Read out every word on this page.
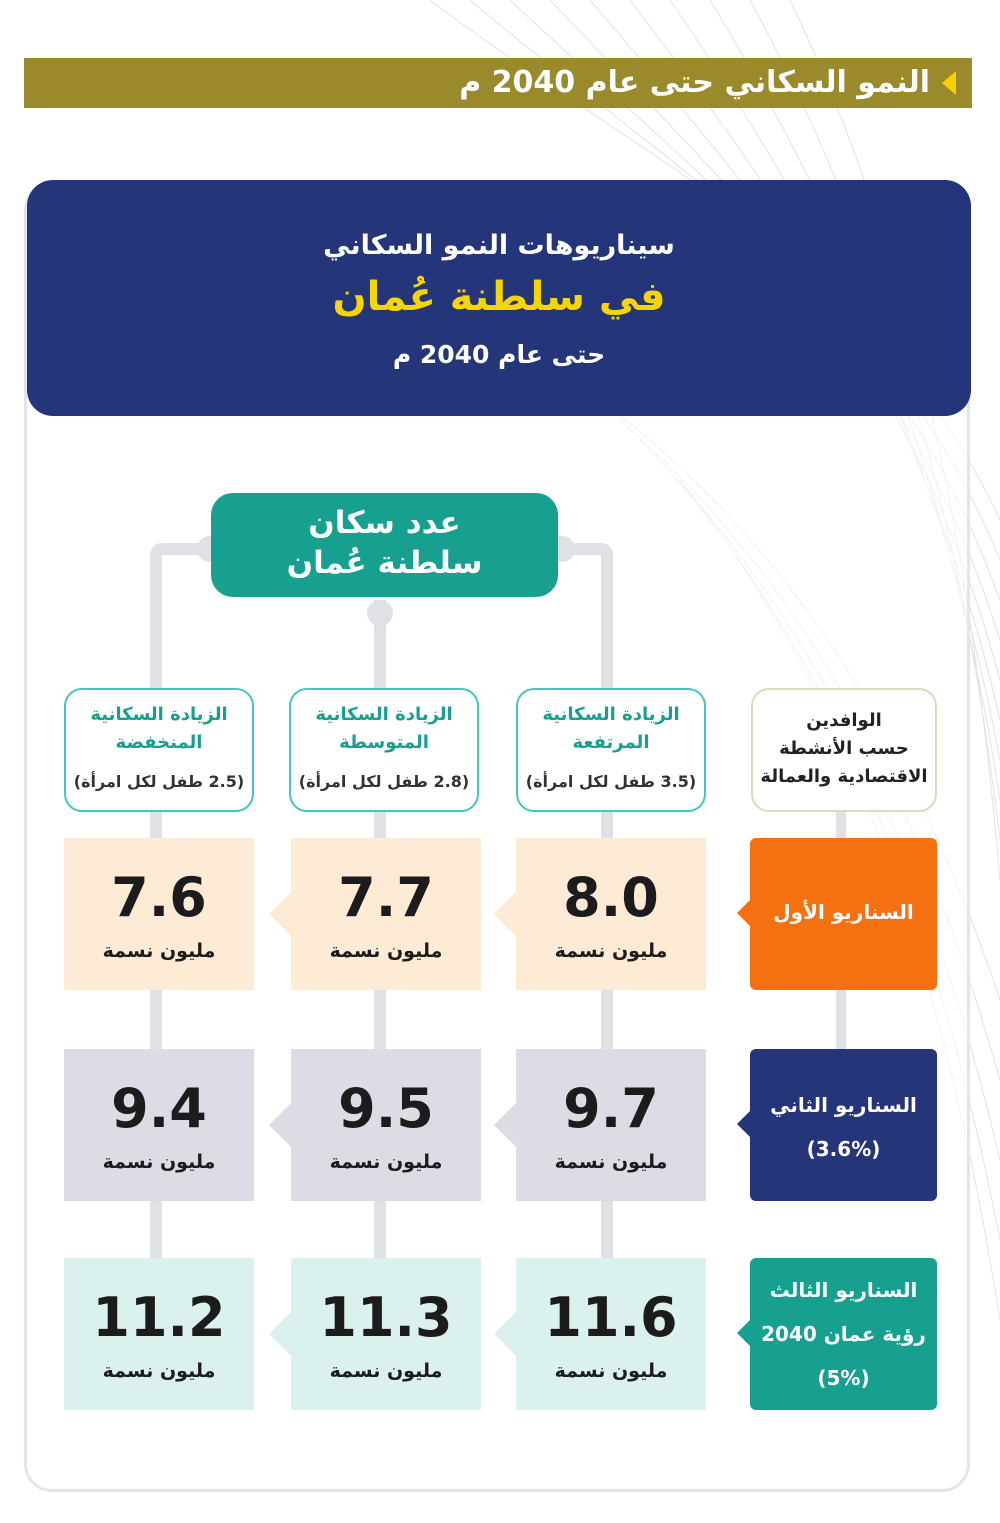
النمو السكاني حتى عام 2040 م
سيناريوهات النمو السكاني
في سلطنة عُمان
حتى عام 2040 م
عدد سكان
سلطنة عُمان
الوافدين
حسب الأنشطة
الاقتصادية والعمالة
الزيادة السكانية
المرتفعة
(3.5 طفل لكل امرأة)
الزيادة السكانية
المتوسطة
(2.8 طفل لكل امرأة)
الزيادة السكانية
المنخفضة
(2.5 طفل لكل امرأة)
السناريو الأول
8.0
مليون نسمة
7.7
مليون نسمة
7.6
مليون نسمة
السناريو الثاني
(3.6%)
9.7
مليون نسمة
9.5
مليون نسمة
9.4
مليون نسمة
السناريو الثالث
رؤية عمان 2040
(5%)
11.6
مليون نسمة
11.3
مليون نسمة
11.2
مليون نسمة
